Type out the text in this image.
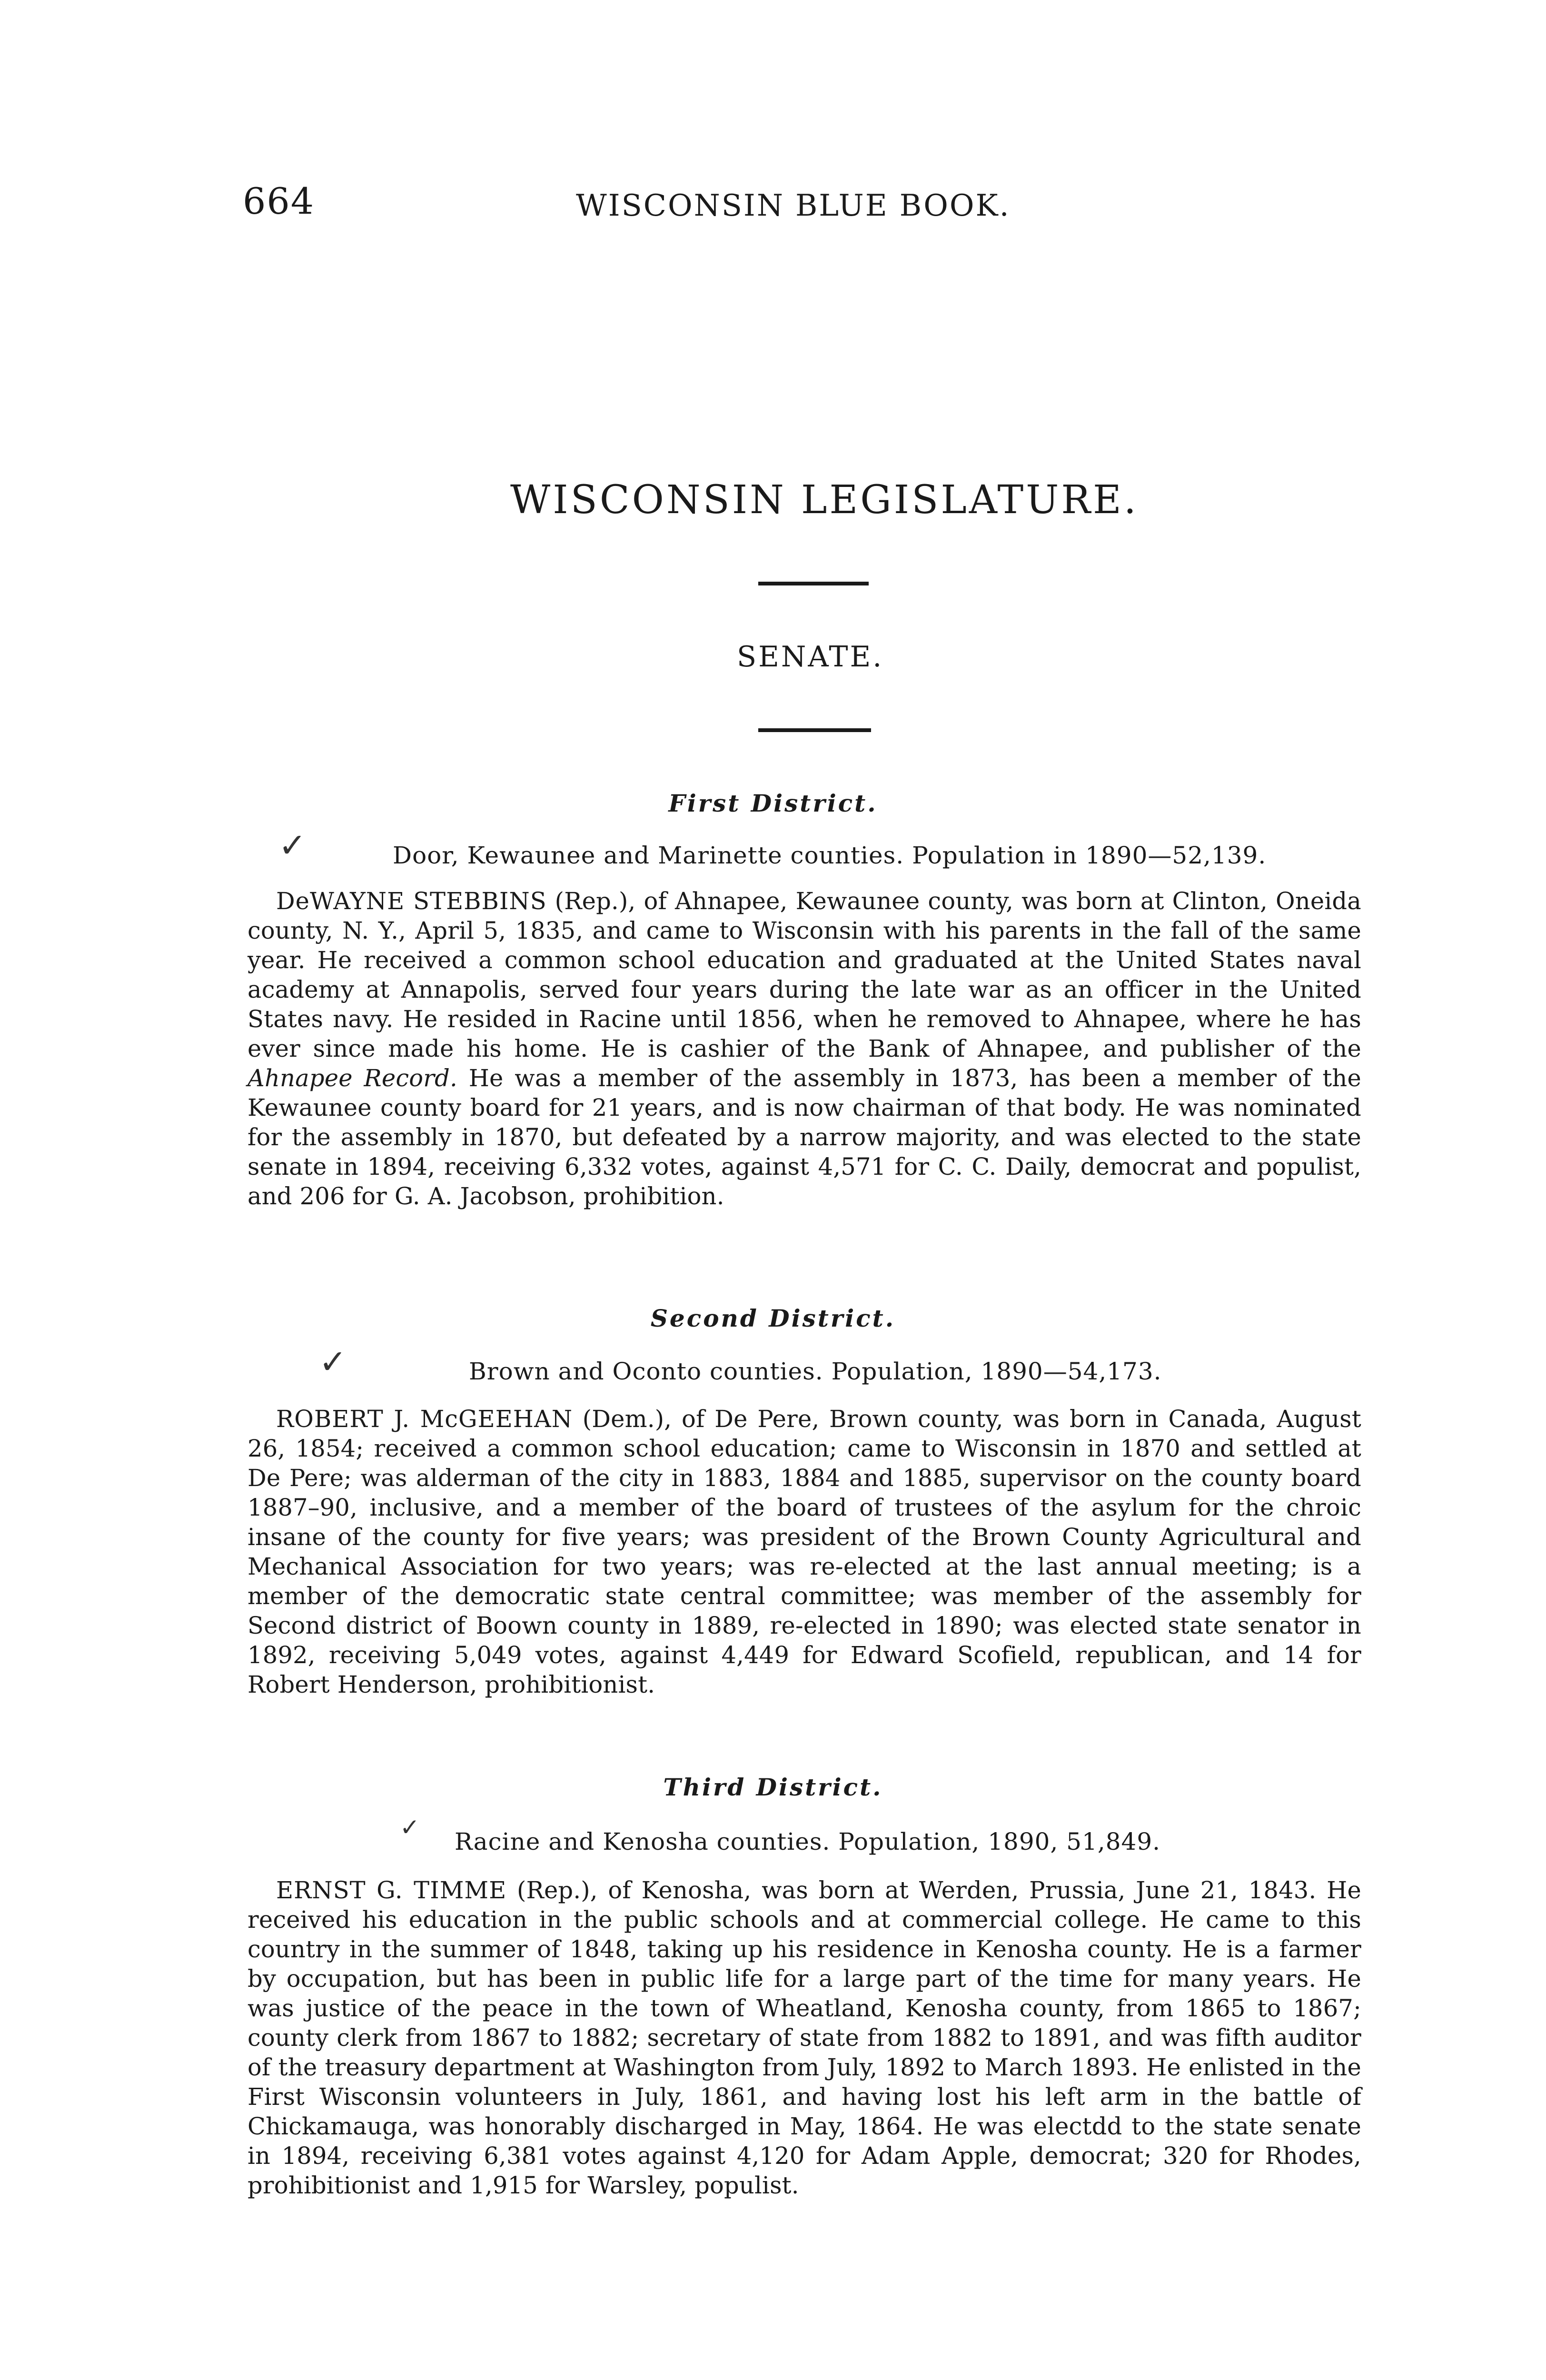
664	WISCONSIN BLUE BOOK.
WISCONSIN LEGISLATURE.
SENATE.
First District.
✓	Door, Kewaunee and Marinette counties. Population in 1890—52,139.
DeWAYNE STEBBINS (Rep.), of Ahnapee, Kewaunee county, was born at Clinton, Oneida county, N. Y., April 5, 1835, and came to Wisconsin with his parents in the fall of the same year. He received a common school education and graduated at the United States naval academy at Annapolis, served four years during the late war as an officer in the United States navy. He resided in Racine until 1856, when he removed to Ahnapee, where he has ever since made his home. He is cashier of the Bank of Ahnapee, and publisher of the Ahnapee Record. He was a member of the assembly in 1873, has been a member of the Kewaunee county board for 21 years, and is now chairman of that body. He was nominated for the assembly in 1870, but defeated by a narrow majority, and was elected to the state senate in 1894, receiving 6,332 votes, against 4,571 for C. C. Daily, democrat and populist, and 206 for G. A. Jacobson, prohibition.
Second District.
✓	Brown and Oconto counties. Population, 1890—54,173.
ROBERT J. McGEEHAN (Dem.), of De Pere, Brown county, was born in Canada, August 26, 1854; received a common school education; came to Wisconsin in 1870 and settled at De Pere; was alderman of the city in 1883, 1884 and 1885, supervisor on the county board 1887–90, inclusive, and a member of the board of trustees of the asylum for the chroic insane of the county for five years; was president of the Brown County Agricultural and Mechanical Association for two years; was re-elected at the last annual meeting; is a member of the democratic state central committee; was member of the assembly for Second district of Boown county in 1889, re-elected in 1890; was elected state senator in 1892, receiving 5,049 votes, against 4,449 for Edward Scofield, republican, and 14 for Robert Henderson, prohibitionist.
Third District.
✓
Racine and Kenosha counties. Population, 1890, 51,849.
ERNST G. TIMME (Rep.), of Kenosha, was born at Werden, Prussia, June 21, 1843. He received his education in the public schools and at commercial college. He came to this country in the summer of 1848, taking up his residence in Kenosha county. He is a farmer by occupation, but has been in public life for a large part of the time for many years. He was justice of the peace in the town of Wheatland, Kenosha county, from 1865 to 1867; county clerk from 1867 to 1882; secretary of state from 1882 to 1891, and was fifth auditor of the treasury department at Washington from July, 1892 to March 1893. He enlisted in the First Wisconsin volunteers in July, 1861, and having lost his left arm in the battle of Chickamauga, was honorably discharged in May, 1864. He was electdd to the state senate in 1894, receiving 6,381 votes against 4,120 for Adam Apple, democrat; 320 for Rhodes, prohibitionist and 1,915 for Warsley, populist.
